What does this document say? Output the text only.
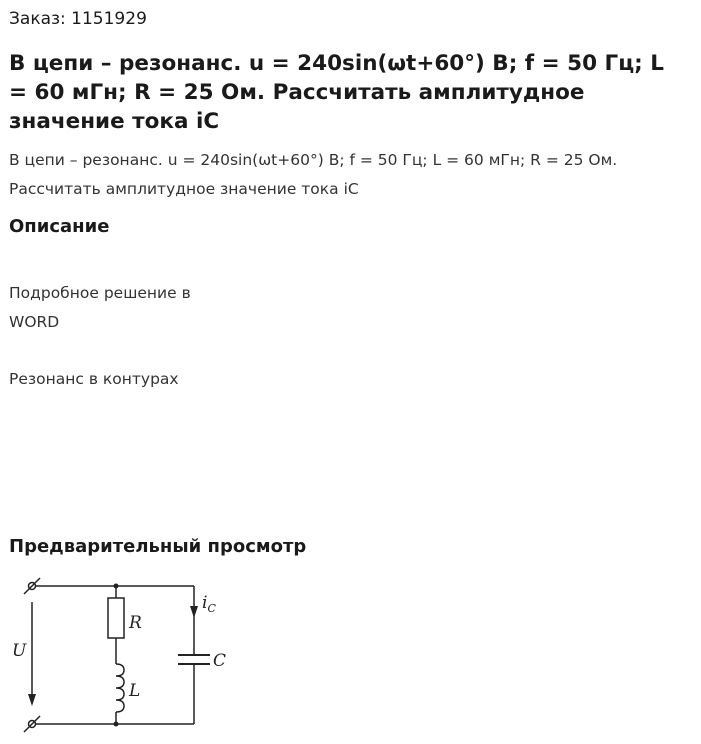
Заказ: 1151929
В цепи – резонанс. u = 240sin(ωt+60°) В; f = 50 Гц; L = 60 мГн; R = 25 Ом. Рассчитать амплитудное значение тока iC

В цепи – резонанс. u = 240sin(ωt+60°) В; f = 50 Гц; L = 60 мГн; R = 25 Ом. Рассчитать амплитудное значение тока iC

Описание

Подробное решение в

WORD

Резонанс в контурах

Предварительный просмотр
U
R
L
$i_C$
C
